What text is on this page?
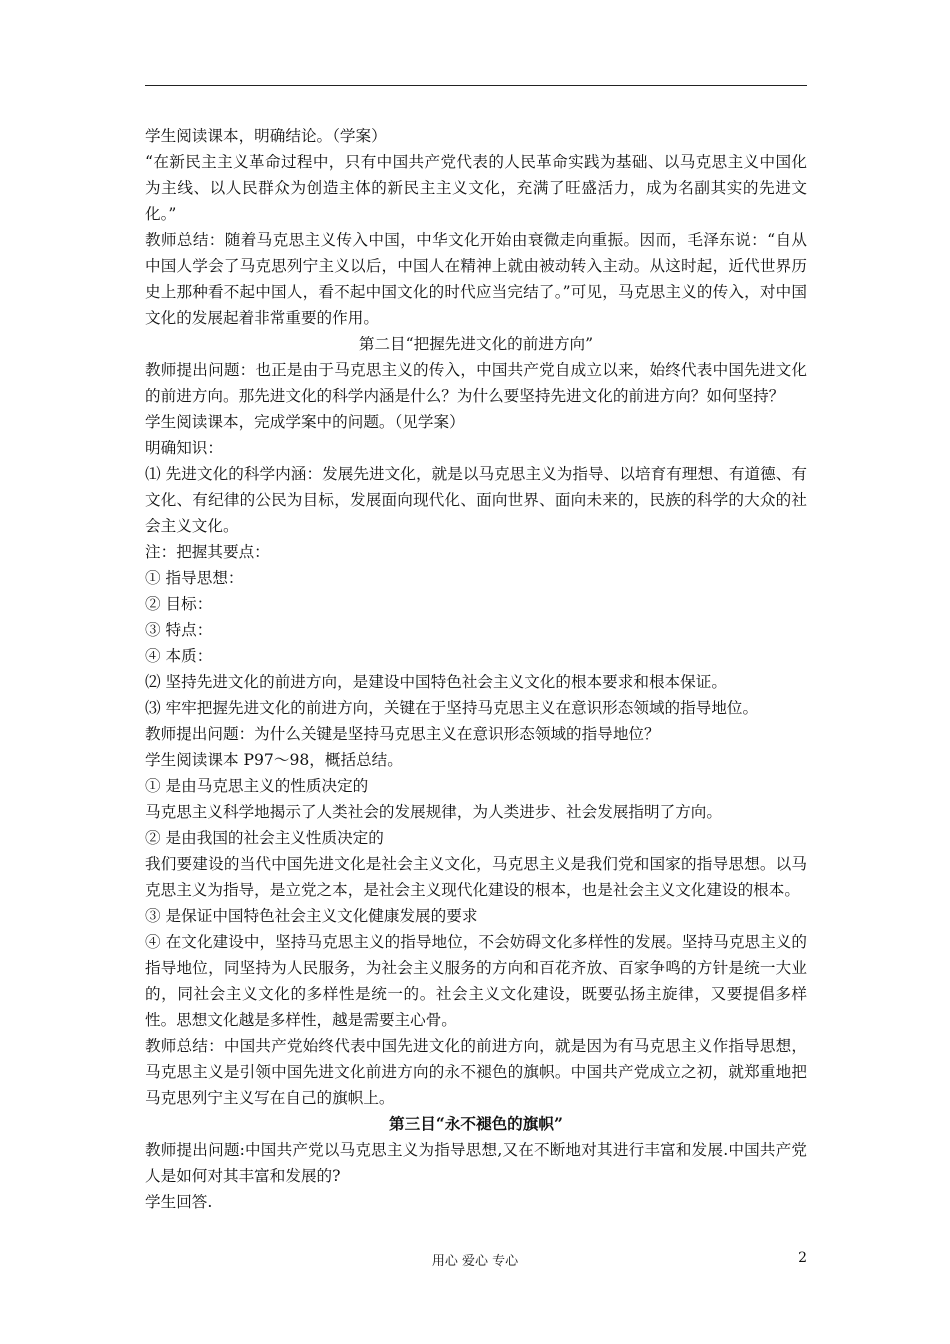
学生阅读课本，明确结论。（学案）

“在新民主主义革命过程中，只有中国共产党代表的人民革命实践为基础、以马克思主义中国化为主线、以人民群众为创造主体的新民主主义文化，充满了旺盛活力，成为名副其实的先进文化。”

教师总结：随着马克思主义传入中国，中华文化开始由衰微走向重振。因而，毛泽东说：“自从中国人学会了马克思列宁主义以后，中国人在精神上就由被动转入主动。从这时起，近代世界历史上那种看不起中国人，看不起中国文化的时代应当完结了。”可见，马克思主义的传入，对中国文化的发展起着非常重要的作用。

第二目“把握先进文化的前进方向”

教师提出问题：也正是由于马克思主义的传入，中国共产党自成立以来，始终代表中国先进文化的前进方向。那先进文化的科学内涵是什么？为什么要坚持先进文化的前进方向？如何坚持？

学生阅读课本，完成学案中的问题。（见学案）

明确知识：

⑴ 先进文化的科学内涵：发展先进文化，就是以马克思主义为指导、以培育有理想、有道德、有文化、有纪律的公民为目标，发展面向现代化、面向世界、面向未来的，民族的科学的大众的社会主义文化。

注：把握其要点：

① 指导思想：

② 目标：

③ 特点：

④ 本质：

⑵ 坚持先进文化的前进方向，是建设中国特色社会主义文化的根本要求和根本保证。

⑶ 牢牢把握先进文化的前进方向，关键在于坚持马克思主义在意识形态领域的指导地位。

教师提出问题：为什么关键是坚持马克思主义在意识形态领域的指导地位？

学生阅读课本 P97～98，概括总结。

① 是由马克思主义的性质决定的

马克思主义科学地揭示了人类社会的发展规律，为人类进步、社会发展指明了方向。

② 是由我国的社会主义性质决定的

我们要建设的当代中国先进文化是社会主义文化，马克思主义是我们党和国家的指导思想。以马克思主义为指导，是立党之本，是社会主义现代化建设的根本，也是社会主义文化建设的根本。

③ 是保证中国特色社会主义文化健康发展的要求

④ 在文化建设中，坚持马克思主义的指导地位，不会妨碍文化多样性的发展。坚持马克思主义的指导地位，同坚持为人民服务，为社会主义服务的方向和百花齐放、百家争鸣的方针是统一大业的，同社会主义文化的多样性是统一的。社会主义文化建设，既要弘扬主旋律，又要提倡多样性。思想文化越是多样性，越是需要主心骨。

教师总结：中国共产党始终代表中国先进文化的前进方向，就是因为有马克思主义作指导思想，马克思主义是引领中国先进文化前进方向的永不褪色的旗帜。中国共产党成立之初，就郑重地把马克思列宁主义写在自己的旗帜上。

第三目“永不褪色的旗帜”

教师提出问题:中国共产党以马克思主义为指导思想,又在不断地对其进行丰富和发展.中国共产党人是如何对其丰富和发展的?

学生回答.

用心 爱心 专心	2
